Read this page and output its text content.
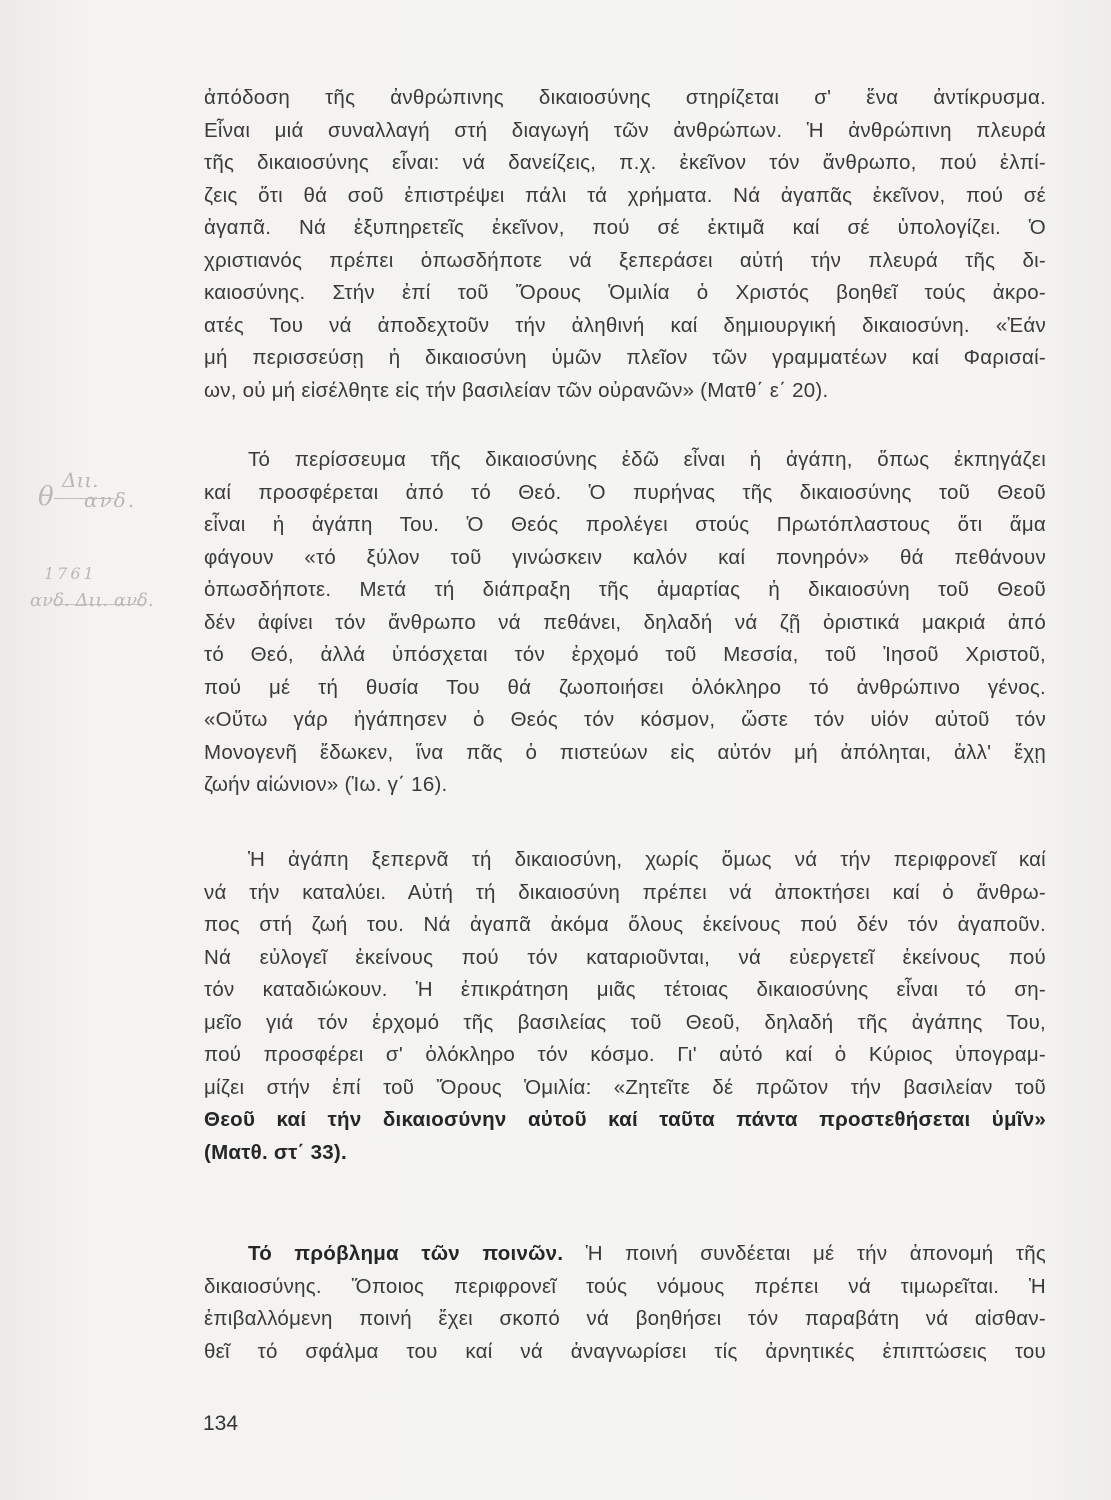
ἀπόδοση τῆς ἀνθρώπινης δικαιοσύνης στηρίζεται σ' ἕνα ἀντίκρυσμα.
Εἶναι μιά συναλλαγή στή διαγωγή τῶν ἀνθρώπων. Ἡ ἀνθρώπινη πλευρά
τῆς δικαιοσύνης εἶναι: νά δανείζεις, π.χ. ἐκεῖνον τόν ἄνθρωπο, πού ἐλπί-
ζεις ὅτι θά σοῦ ἐπιστρέψει πάλι τά χρήματα. Νά ἀγαπᾶς ἐκεῖνον, πού σέ
ἀγαπᾶ. Νά ἐξυπηρετεῖς ἐκεῖνον, πού σέ ἐκτιμᾶ καί σέ ὑπολογίζει. Ὁ
χριστιανός πρέπει ὁπωσδήποτε νά ξεπεράσει αὐτή τήν πλευρά τῆς δι-
καιοσύνης. Στήν ἐπί τοῦ Ὄρους Ὁμιλία ὁ Χριστός βοηθεῖ τούς ἀκρο-
ατές Του νά ἀποδεχτοῦν τήν ἀληθινή καί δημιουργική δικαιοσύνη. «Ἐάν
μή περισσεύσῃ ἡ δικαιοσύνη ὑμῶν πλεῖον τῶν γραμματέων καί Φαρισαί-
ων, οὐ μή εἰσέλθητε εἰς τήν βασιλείαν τῶν οὐρανῶν» (Ματθ΄ ε΄ 20).
Τό περίσσευμα τῆς δικαιοσύνης ἐδῶ εἶναι ἡ ἀγάπη, ὅπως ἐκπηγάζει
καί προσφέρεται ἀπό τό Θεό. Ὁ πυρήνας τῆς δικαιοσύνης τοῦ Θεοῦ
εἶναι ἡ ἀγάπη Του. Ὁ Θεός προλέγει στούς Πρωτόπλαστους ὅτι ἅμα
φάγουν «τό ξύλον τοῦ γινώσκειν καλόν καί πονηρόν» θά πεθάνουν
ὁπωσδήποτε. Μετά τή διάπραξη τῆς ἁμαρτίας ἡ δικαιοσύνη τοῦ Θεοῦ
δέν ἀφίνει τόν ἄνθρωπο νά πεθάνει, δηλαδή νά ζῇ ὁριστικά μακριά ἀπό
τό Θεό, ἀλλά ὑπόσχεται τόν ἐρχομό τοῦ Μεσσία, τοῦ Ἰησοῦ Χριστοῦ,
πού μέ τή θυσία Του θά ζωοποιήσει ὁλόκληρο τό ἀνθρώπινο γένος.
«Οὕτω γάρ ἠγάπησεν ὁ Θεός τόν κόσμον, ὥστε τόν υἱόν αὐτοῦ τόν
Μονογενῆ ἔδωκεν, ἵνα πᾶς ὁ πιστεύων εἰς αὐτόν μή ἀπόληται, ἀλλ' ἔχῃ
ζωήν αἰώνιον» (Ἰω. γ΄ 16).
Ἡ ἀγάπη ξεπερνᾶ τή δικαιοσύνη, χωρίς ὅμως νά τήν περιφρονεῖ καί
νά τήν καταλύει. Αὐτή τή δικαιοσύνη πρέπει νά ἀποκτήσει καί ὁ ἄνθρω-
πος στή ζωή του. Νά ἀγαπᾶ ἀκόμα ὅλους ἐκείνους πού δέν τόν ἀγαποῦν.
Νά εὐλογεῖ ἐκείνους πού τόν καταριοῦνται, νά εὐεργετεῖ ἐκείνους πού
τόν καταδιώκουν. Ἡ ἐπικράτηση μιᾶς τέτοιας δικαιοσύνης εἶναι τό ση-
μεῖο γιά τόν ἐρχομό τῆς βασιλείας τοῦ Θεοῦ, δηλαδή τῆς ἀγάπης Του,
πού προσφέρει σ' ὁλόκληρο τόν κόσμο. Γι' αὐτό καί ὁ Κύριος ὑπογραμ-
μίζει στήν ἐπί τοῦ Ὄρους Ὁμιλία: «Ζητεῖτε δέ πρῶτον τήν βασιλείαν τοῦ
Θεοῦ καί τήν δικαιοσύνην αὐτοῦ καί ταῦτα πάντα προστεθήσεται ὑμῖν»
(Ματθ. στ΄ 33).
Τό πρόβλημα τῶν ποινῶν. Ἡ ποινή συνδέεται μέ τήν ἀπονομή τῆς
δικαιοσύνης. Ὅποιος περιφρονεῖ τούς νόμους πρέπει νά τιμωρεῖται. Ἡ
ἐπιβαλλόμενη ποινή ἔχει σκοπό νά βοηθήσει τόν παραβάτη νά αἰσθαν-
θεῖ τό σφάλμα του καί νά ἀναγνωρίσει τίς ἀρνητικές ἐπιπτώσεις του
θ
Διι.
ανδ.
1761
ανδ. Διι. ανδ.
134
